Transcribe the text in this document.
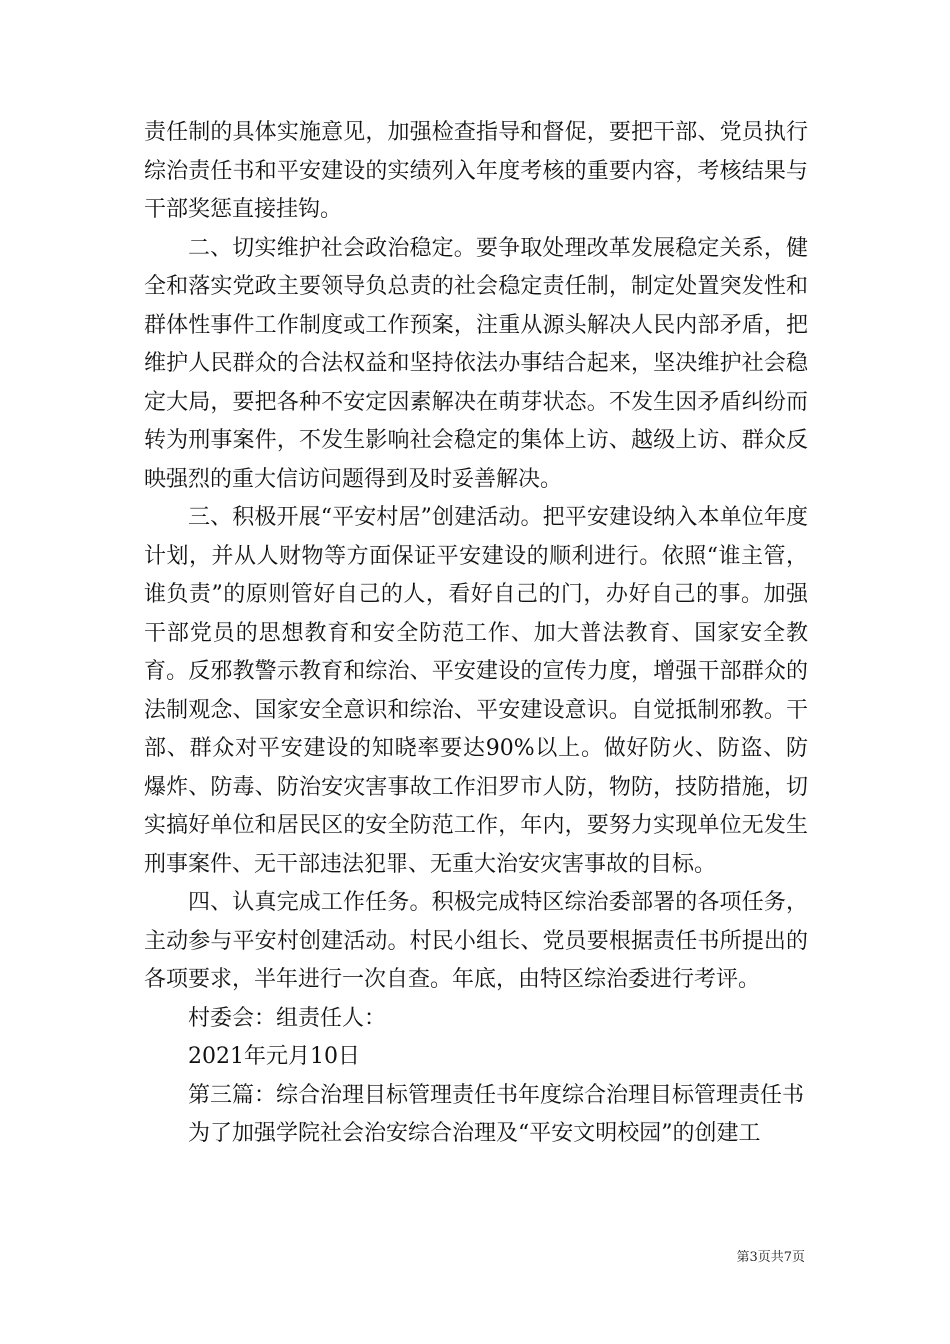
责任制的具体实施意见，加强检查指导和督促，要把干部、党员执行综治责任书和平安建设的实绩列入年度考核的重要内容，考核结果与干部奖惩直接挂钩。

二、切实维护社会政治稳定。要争取处理改革发展稳定关系，健全和落实党政主要领导负总责的社会稳定责任制，制定处置突发性和群体性事件工作制度或工作预案，注重从源头解决人民内部矛盾，把维护人民群众的合法权益和坚持依法办事结合起来，坚决维护社会稳定大局，要把各种不安定因素解决在萌芽状态。不发生因矛盾纠纷而转为刑事案件，不发生影响社会稳定的集体上访、越级上访、群众反映强烈的重大信访问题得到及时妥善解决。

三、积极开展“平安村居”创建活动。把平安建设纳入本单位年度计划，并从人财物等方面保证平安建设的顺利进行。依照“谁主管，谁负责”的原则管好自己的人，看好自己的门，办好自己的事。加强干部党员的思想教育和安全防范工作、加大普法教育、国家安全教育。反邪教警示教育和综治、平安建设的宣传力度，增强干部群众的法制观念、国家安全意识和综治、平安建设意识。自觉抵制邪教。干部、群众对平安建设的知晓率要达90%以上。做好防火、防盗、防爆炸、防毒、防治安灾害事故工作汨罗市人防，物防，技防措施，切实搞好单位和居民区的安全防范工作，年内，要努力实现单位无发生刑事案件、无干部违法犯罪、无重大治安灾害事故的目标。

四、认真完成工作任务。积极完成特区综治委部署的各项任务，主动参与平安村创建活动。村民小组长、党员要根据责任书所提出的各项要求，半年进行一次自查。年底，由特区综治委进行考评。

村委会：组责任人：

2021年元月10日

第三篇：综合治理目标管理责任书年度综合治理目标管理责任书

为了加强学院社会治安综合治理及“平安文明校园”的创建工

第3页共7页
